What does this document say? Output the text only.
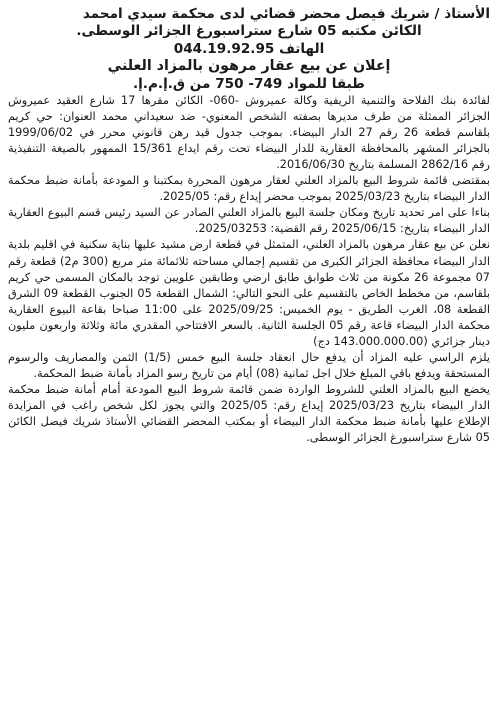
الأستاذ / شريك فيصل محضر قضائي لدى محكمة سيدي امحمد

الكائن مكتبه 05 شارع ستراسبورغ الجزائر الوسطى.

الهاتف 044.19.92.95

إعلان عن بيع عقار مرهون بالمزاد العلني

طبقا للمواد 749- 750 من ق.إ.م.إ.

لفائدة بنك الفلاحة والتنمية الريفية وكالة عميروش -060- الكائن مقرها 17 شارع العقيد عميروش الجزائر الممثلة من طرف مديرها بصفته الشخص المعنوي- ضد سعيداني محمد العنوان: حي كريم بلقاسم قطعة 26 رقم 27 الدار البيضاء. بموجب جدول قيد رهن قانوني محرر في 1999/06/02 بالجزائر المشهر بالمحافظة العقارية للدار البيضاء تحت رقم ايداع 15/361 الممهور بالصيغة التنفيذية رقم 2862/16 المسلمة بتاريخ 2016/06/30.

بمقتضى قائمة شروط البيع بالمزاد العلني لعقار مرهون المحررة بمكتبنا و المودعة بأمانة ضبط محكمة الدار البيضاء بتاريخ 2025/03/23 بموجب محضر إيداع رقم: 2025/05.

بناءا على امر تحديد تاريخ ومكان جلسة البيع بالمزاد العلني الصادر عن السيد رئيس قسم البيوع العقارية الدار البيضاء بتاريخ: 2025/06/15 رقم القضية: 2025/03253.

نعلن عن بيع عقار مرهون بالمزاد العلني، المتمثل في قطعة ارض مشيد عليها بناية سكنية في اقليم بلدية الدار البيضاء محافظة الجزائر الكبرى من تقسيم إجمالي مساحته ثلاثمائة متر مربع (300 م2) قطعة رقم 07 مجموعة 26 مكونة من ثلاث طوابق طابق ارضي وطابقين علويين توجد بالمكان المسمى حي كريم بلقاسم، من مخطط الخاص بالتقسيم على النحو التالي: الشمال القطعة 05 الجنوب القطعة 09 الشرق القطعة 08، الغرب الطريق - يوم الخميس: 2025/09/25 على 11:00 صباحا بقاعة البيوع العقارية محكمة الدار البيضاء قاعة رقم 05 الجلسة الثانية. بالسعر الافتتاحي المقدري مائة وثلاثة واربعون مليون دينار جزائري (143.000.000.00 دج)

يلزم الراسي عليه المزاد أن يدفع حال انعقاد جلسة البيع خمس (1/5) الثمن والمصاريف والرسوم المستحقة ويدفع باقي المبلغ خلال اجل ثمانية (08) أيام من تاريخ رسو المزاد بأمانة ضبط المحكمة.

يخضع البيع بالمزاد العلني للشروط الواردة ضمن قائمة شروط البيع المودعة أمام أمانة ضبط محكمة الدار البيضاء بتاريخ 2025/03/23 إيداع رقم: 2025/05 والتي يجوز لكل شخص راغب في المزايدة الإطلاع عليها بأمانة ضبط محكمة الدار البيضاء أو بمكتب المحضر القضائي الأستاذ شريك فيصل الكائن 05 شارع ستراسبورغ الجزائر الوسطى.
